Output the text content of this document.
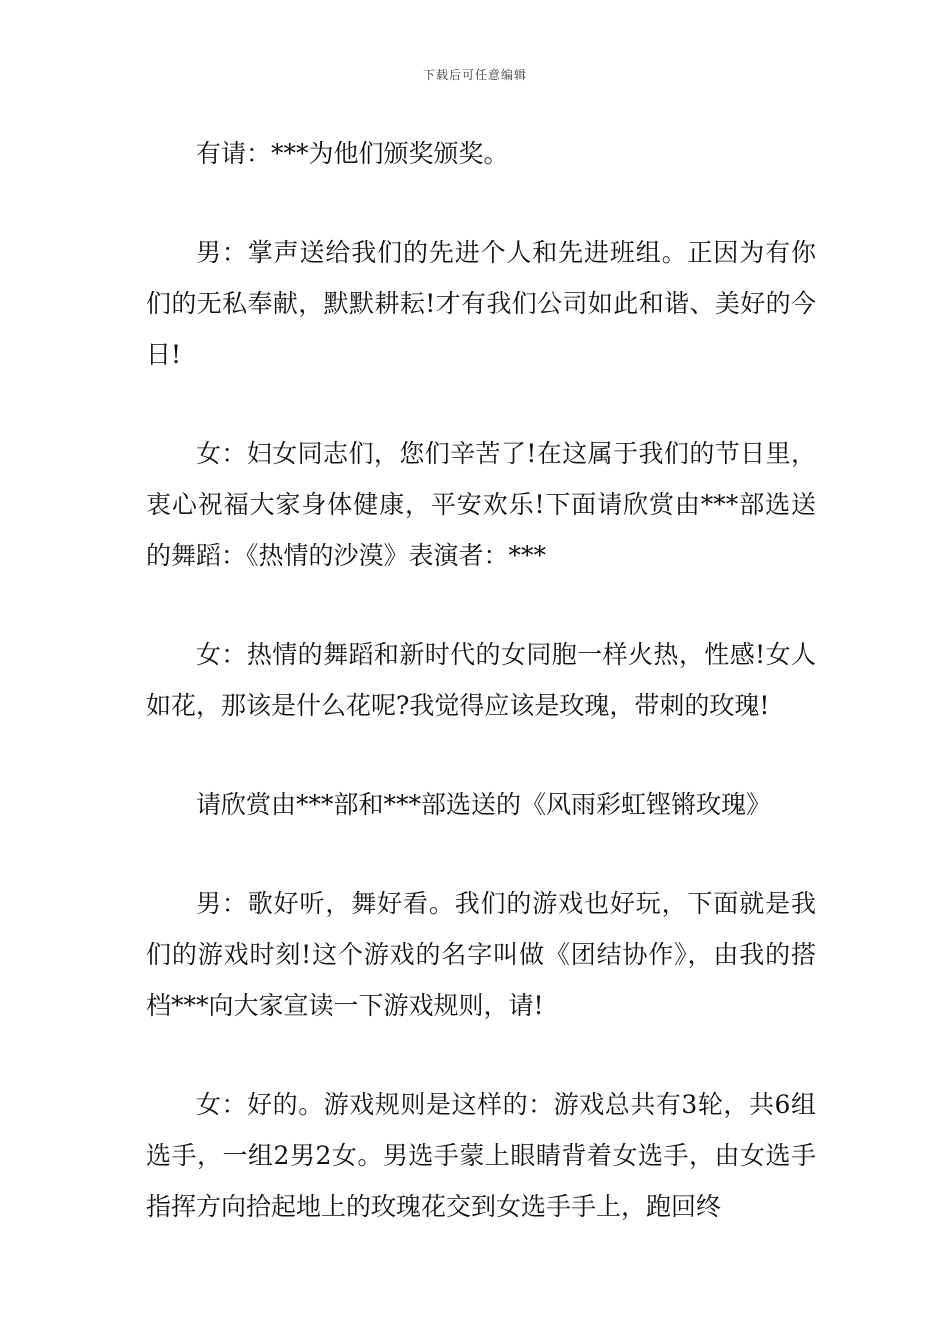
下载后可任意编辑

有请：***为他们颁奖颁奖。

男：掌声送给我们的先进个人和先进班组。正因为有你们的无私奉献，默默耕耘!才有我们公司如此和谐、美好的今日!

女：妇女同志们，您们辛苦了!在这属于我们的节日里，衷心祝福大家身体健康，平安欢乐!下面请欣赏由***部选送的舞蹈：《热情的沙漠》表演者：***

女：热情的舞蹈和新时代的女同胞一样火热，性感!女人如花，那该是什么花呢?我觉得应该是玫瑰，带刺的玫瑰!

请欣赏由***部和***部选送的《风雨彩虹铿锵玫瑰》

男：歌好听，舞好看。我们的游戏也好玩，下面就是我们的游戏时刻!这个游戏的名字叫做《团结协作》，由我的搭档***向大家宣读一下游戏规则，请!

女：好的。游戏规则是这样的：游戏总共有3轮，共6组选手，一组2男2女。男选手蒙上眼睛背着女选手，由女选手指挥方向拾起地上的玫瑰花交到女选手手上，跑回终
